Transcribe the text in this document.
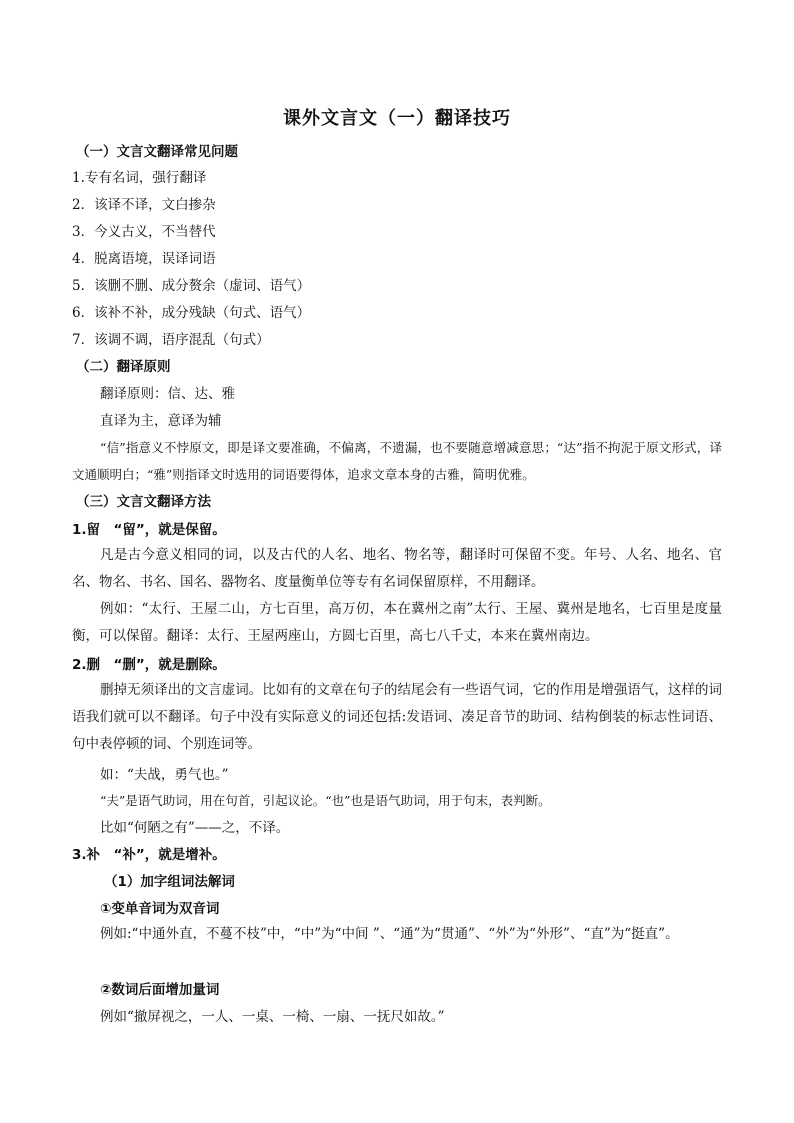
课外文言文（一）翻译技巧
（一）文言文翻译常见问题
1.专有名词，强行翻译
2．该译不译，文白掺杂
3．今义古义，不当替代
4．脱离语境，误译词语
5．该删不删、成分赘余（虚词、语气）
6．该补不补，成分残缺（句式、语气）
7．该调不调，语序混乱（句式）
（二）翻译原则
翻译原则：信、达、雅
直译为主，意译为辅
“信”指意义不悖原文，即是译文要准确，不偏离，不遗漏，也不要随意增减意思；“达”指不拘泥于原文形式，译文通顺明白；“雅”则指译文时选用的词语要得体，追求文章本身的古雅，简明优雅。
（三）文言文翻译方法
1.留　“留”，就是保留。
凡是古今意义相同的词，以及古代的人名、地名、物名等，翻译时可保留不变。年号、人名、地名、官名、物名、书名、国名、器物名、度量衡单位等专有名词保留原样，不用翻译。
例如：“太行、王屋二山，方七百里，高万仞，本在冀州之南”太行、王屋、冀州是地名，七百里是度量衡，可以保留。翻译：太行、王屋两座山，方圆七百里，高七八千丈，本来在冀州南边。
2.删　“删”，就是删除。
删掉无须译出的文言虚词。比如有的文章在句子的结尾会有一些语气词，它的作用是增强语气，这样的词语我们就可以不翻译。句子中没有实际意义的词还包括:发语词、凑足音节的助词、结构倒装的标志性词语、句中表停顿的词、个别连词等。
如：“夫战，勇气也。”
“夫”是语气助词，用在句首，引起议论。“也”也是语气助词，用于句末，表判断。
比如“何陋之有”——之，不译。
3.补　“补”，就是增补。
（1）加字组词法解词
①变单音词为双音词
例如:“中通外直，不蔓不枝”中，“中”为“中间 ”、“通”为“贯通”、“外”为“外形”、“直”为“挺直”。
②数词后面增加量词
例如“撤屏视之，一人、一桌、一椅、一扇、一抚尺如故。”
